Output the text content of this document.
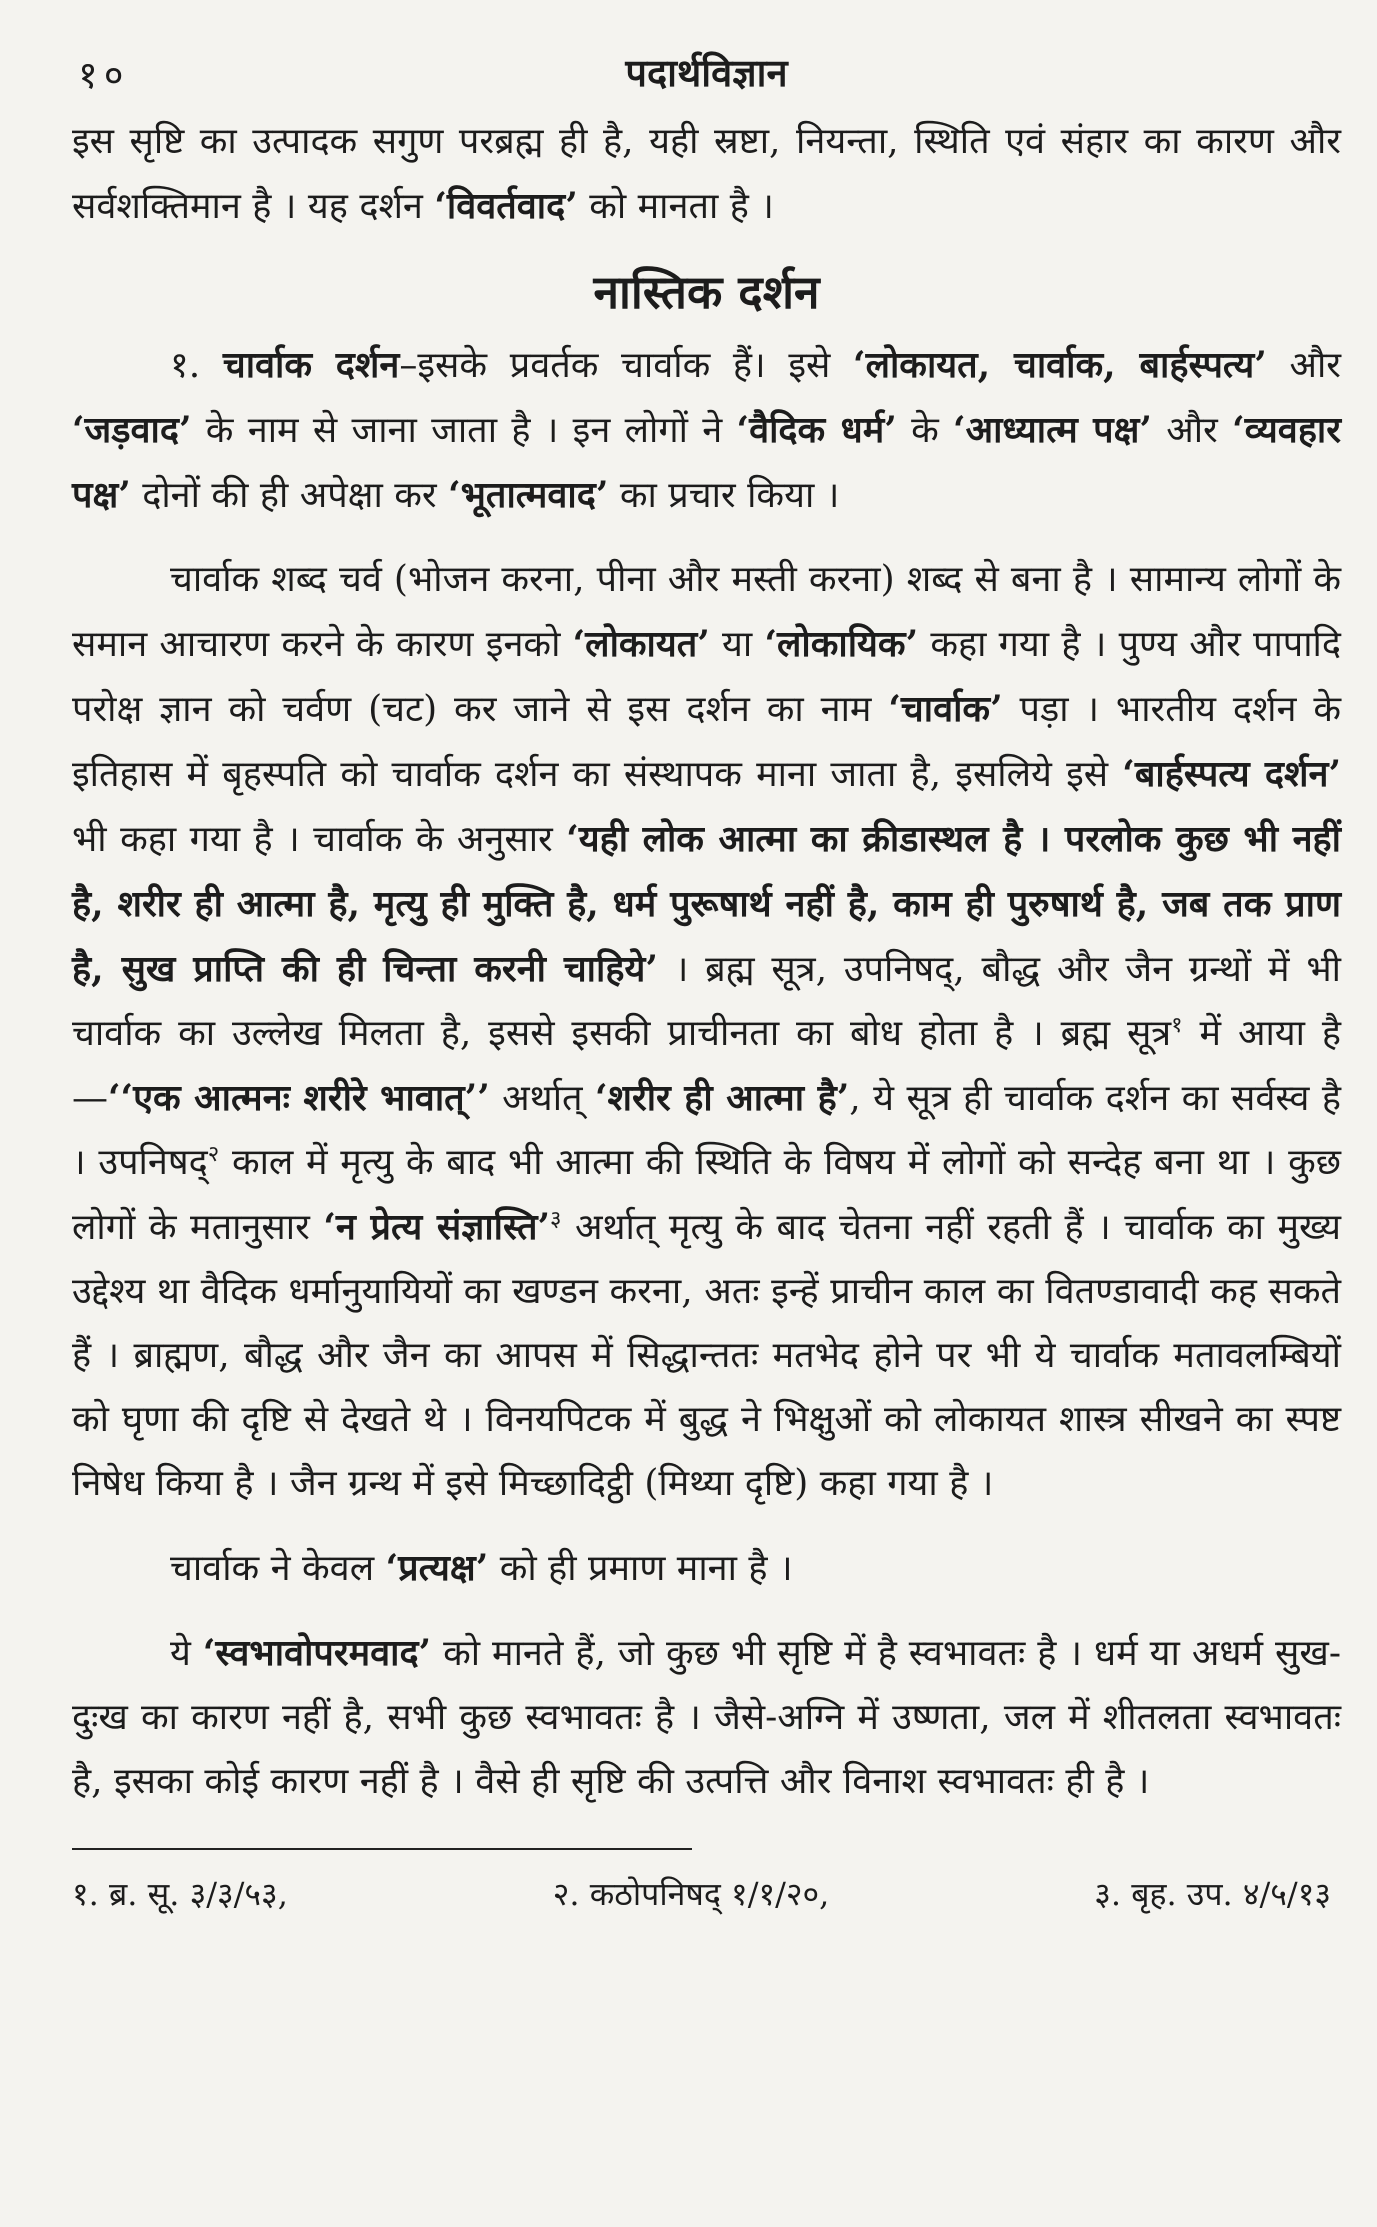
१०	पदार्थविज्ञान

इस सृष्टि का उत्पादक सगुण परब्रह्म ही है, यही स्रष्टा, नियन्ता, स्थिति एवं संहार का कारण और सर्वशक्तिमान है । यह दर्शन ‘विवर्तवाद’ को मानता है ।

नास्तिक दर्शन

१. चार्वाक दर्शन–इसके प्रवर्तक चार्वाक हैं। इसे ‘लोकायत, चार्वाक, बार्हस्पत्य’ और ‘जड़वाद’ के नाम से जाना जाता है । इन लोगों ने ‘वैदिक धर्म’ के ‘आध्यात्म पक्ष’ और ‘व्यवहार पक्ष’ दोनों की ही अपेक्षा कर ‘भूतात्मवाद’ का प्रचार किया ।

चार्वाक शब्द चर्व (भोजन करना, पीना और मस्ती करना) शब्द से बना है । सामान्य लोगों के समान आचारण करने के कारण इनको ‘लोकायत’ या ‘लोकायिक’ कहा गया है । पुण्य और पापादि परोक्ष ज्ञान को चर्वण (चट) कर जाने से इस दर्शन का नाम ‘चार्वाक’ पड़ा । भारतीय दर्शन के इतिहास में बृहस्पति को चार्वाक दर्शन का संस्थापक माना जाता है, इसलिये इसे ‘बार्हस्पत्य दर्शन’ भी कहा गया है । चार्वाक के अनुसार ‘यही लोक आत्मा का क्रीडास्थल है । परलोक कुछ भी नहीं है, शरीर ही आत्मा है, मृत्यु ही मुक्ति है, धर्म पुरूषार्थ नहीं है, काम ही पुरुषार्थ है, जब तक प्राण है, सुख प्राप्ति की ही चिन्ता करनी चाहिये’ । ब्रह्म सूत्र, उपनिषद्, बौद्ध और जैन ग्रन्थों में भी चार्वाक का उल्लेख मिलता है, इससे इसकी प्राचीनता का बोध होता है । ब्रह्म सूत्र$^१$ में आया है—‘‘एक आत्मनः शरीरे भावात्’’ अर्थात् ‘शरीर ही आत्मा है’, ये सूत्र ही चार्वाक दर्शन का सर्वस्व है । उपनिषद्$^२$ काल में मृत्यु के बाद भी आत्मा की स्थिति के विषय में लोगों को सन्देह बना था । कुछ लोगों के मतानुसार ‘न प्रेत्य संज्ञास्ति’$^३$ अर्थात् मृत्यु के बाद चेतना नहीं रहती हैं । चार्वाक का मुख्य उद्देश्य था वैदिक धर्मानुयायियों का खण्डन करना, अतः इन्हें प्राचीन काल का वितण्डावादी कह सकते हैं । ब्राह्मण, बौद्ध और जैन का आपस में सिद्धान्ततः मतभेद होने पर भी ये चार्वाक मतावलम्बियों को घृणा की दृष्टि से देखते थे । विनयपिटक में बुद्ध ने भिक्षुओं को लोकायत शास्त्र सीखने का स्पष्ट निषेध किया है । जैन ग्रन्थ में इसे मिच्छादिट्ठी (मिथ्या दृष्टि) कहा गया है ।

चार्वाक ने केवल ‘प्रत्यक्ष’ को ही प्रमाण माना है ।

ये ‘स्वभावोपरमवाद’ को मानते हैं, जो कुछ भी सृष्टि में है स्वभावतः है । धर्म या अधर्म सुख-दुःख का कारण नहीं है, सभी कुछ स्वभावतः है । जैसे-अग्नि में उष्णता, जल में शीतलता स्वभावतः है, इसका कोई कारण नहीं है । वैसे ही सृष्टि की उत्पत्ति और विनाश स्वभावतः ही है ।

१. ब्र. सू. ३/३/५३,	२. कठोपनिषद् १/१/२०,	३. बृह. उप. ४/५/१३
